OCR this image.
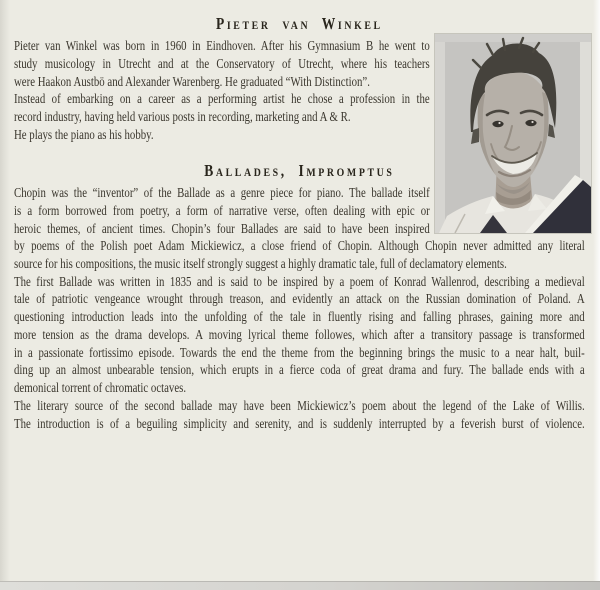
Pieter van Winkel
Pieter van Winkel was born in 1960 in Eindhoven. After his Gymnasium B he went to
study musicology in Utrecht and at the Conservatory of Utrecht, where his teachers
were Haakon Austbö and Alexander Warenberg. He graduated “With Distinction”.
Instead of embarking on a career as a performing artist he chose a profession in the
record industry, having held various posts in recording, marketing and A & R.
He plays the piano as his hobby.
Ballades, Impromptus
Chopin was the “inventor” of the Ballade as a genre piece for piano. The ballade itself
is a form borrowed from poetry, a form of narrative verse, often dealing with epic or
heroic themes, of ancient times. Chopin’s four Ballades are said to have been inspired
by poems of the Polish poet Adam Mickiewicz, a close friend of Chopin. Although Chopin never admitted any literal
source for his compositions, the music itself strongly suggest a highly dramatic tale, full of declamatory elements.
The first Ballade was written in 1835 and is said to be inspired by a poem of Konrad Wallenrod, describing a medieval
tale of patriotic vengeance wrought through treason, and evidently an attack on the Russian domination of Poland. A
questioning introduction leads into the unfolding of the tale in fluently rising and falling phrases, gaining more and
more tension as the drama develops. A moving lyrical theme followes, which after a transitory passage is transformed
in a passionate fortissimo episode. Towards the end the theme from the beginning brings the music to a near halt, buil-
ding up an almost unbearable tension, which erupts in a fierce coda of great drama and fury. The ballade ends with a
demonical torrent of chromatic octaves.
The literary source of the second ballade may have been Mickiewicz’s poem about the legend of the Lake of Willis.
The introduction is of a beguiling simplicity and serenity, and is suddenly interrupted by a feverish burst of violence.
